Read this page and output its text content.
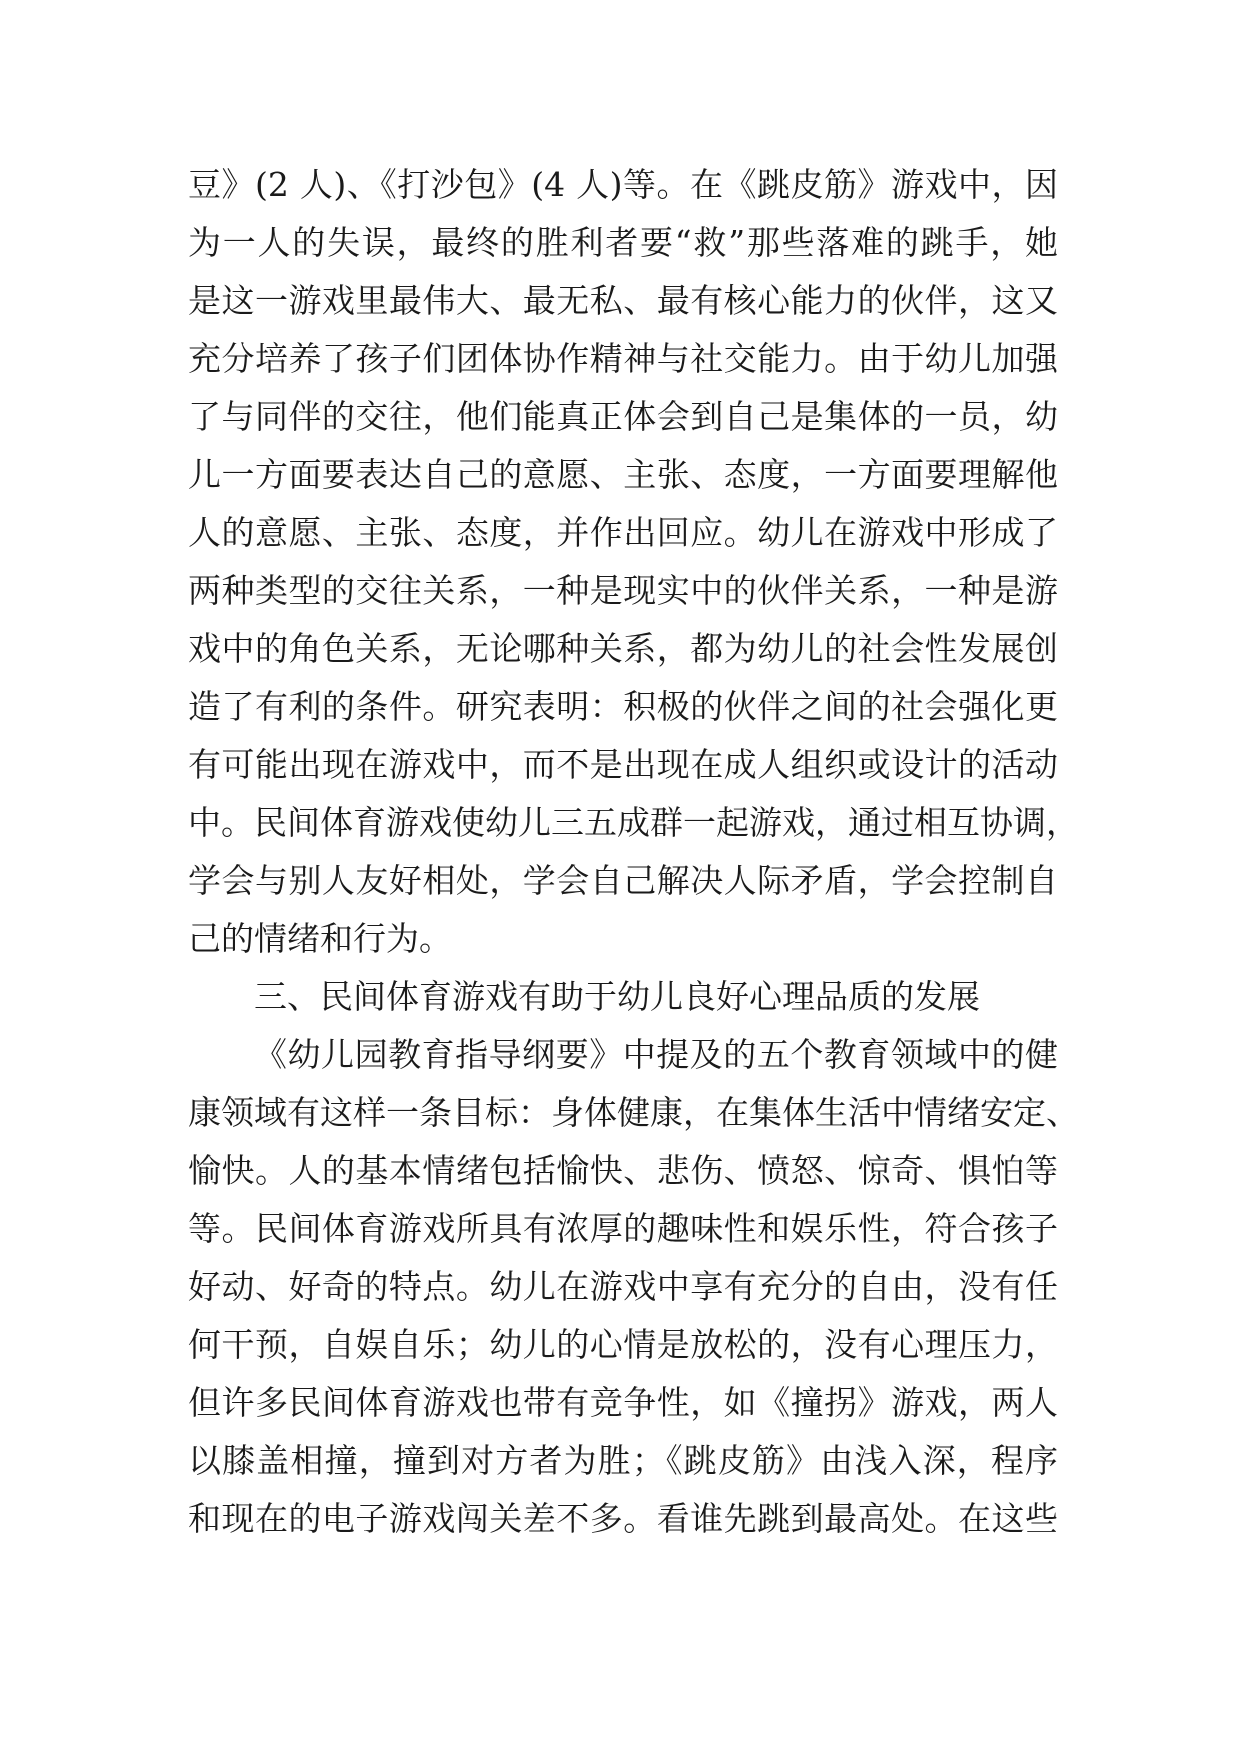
豆》(2 人)、《打沙包》(4 人)等。在《跳皮筋》游戏中，因
为一人的失误，最终的胜利者要“救”那些落难的跳手，她
是这一游戏里最伟大、最无私、最有核心能力的伙伴，这又
充分培养了孩子们团体协作精神与社交能力。由于幼儿加强
了与同伴的交往，他们能真正体会到自己是集体的一员，幼
儿一方面要表达自己的意愿、主张、态度，一方面要理解他
人的意愿、主张、态度，并作出回应。幼儿在游戏中形成了
两种类型的交往关系，一种是现实中的伙伴关系，一种是游
戏中的角色关系，无论哪种关系，都为幼儿的社会性发展创
造了有利的条件。研究表明：积极的伙伴之间的社会强化更
有可能出现在游戏中，而不是出现在成人组织或设计的活动
中。民间体育游戏使幼儿三五成群一起游戏，通过相互协调，
学会与别人友好相处，学会自己解决人际矛盾，学会控制自
己的情绪和行为。
三、民间体育游戏有助于幼儿良好心理品质的发展
《幼儿园教育指导纲要》中提及的五个教育领域中的健
康领域有这样一条目标：身体健康，在集体生活中情绪安定、
愉快。人的基本情绪包括愉快、悲伤、愤怒、惊奇、惧怕等
等。民间体育游戏所具有浓厚的趣味性和娱乐性，符合孩子
好动、好奇的特点。幼儿在游戏中享有充分的自由，没有任
何干预，自娱自乐；幼儿的心情是放松的，没有心理压力，
但许多民间体育游戏也带有竞争性，如《撞拐》游戏，两人
以膝盖相撞，撞到对方者为胜；《跳皮筋》由浅入深，程序
和现在的电子游戏闯关差不多。看谁先跳到最高处。在这些
